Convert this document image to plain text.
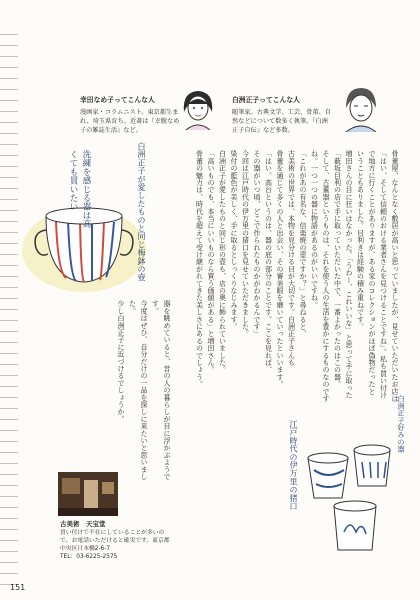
骨董屋、なんとなく敷居が高いと思っていましたが、見せていただいたお店は
「はい、そして信頼のおける業者さんを見つけることですね」。私も買い付け
で地方に行くことがありますが、ある家のコレクションがほぼ偽物だったと
いうこともありました。目利きは経験の積み重ねです。
増田さんの目に狂いはなかった。「うわー、これいいな」と思って手に取った
「薮坂目利の店で手に取っていただいた中で、一番よかったのはこの器。
そして、古董器というものは、それを使う人の生活を豊かにするものなのです
ね。一つ一つの器に物語があるのがいいですね。
「これがあの有名な、信楽焼の壺ですか？」と尋ねると、
古美術の世界では、本物を見分ける目が大切です。白洲正子さんも
骨董を通じて多くの人と出会い、その審美眼を磨いていったといいます。
「はい。高台というのは、器の底の部分のことです。ここを見れば、
その器がいつ頃、どこで作られたものかがわかるんです」
今回は江戸時代の伊万里の猪口を見せていただきました。
染付の藍色が美しく、手に取るとしっくりなじみます。
白洲正子が愛したものと同じ形の壺も、店の奥に飾られていました。
「高いものでも、本当にいいものなら買う価値がある」と増田さん。
骨董の魅力は、時代を超えて受け継がれてきた美しさにあるのでしょう。
器を眺めていると、昔の人の暮らしが目に浮かぶようです。
今度はぜひ、自分だけの一品を探しに来たいと思いました。
少し白洲正子に近づけるでしょうか。
幸田なめ子ってこんな人
漫画家・コラムニスト。東京都生まれ、埼玉県育ち。近著は『幸腹なめ子の雑誌生活』など。
白洲正子ってこんな人
随筆家。古典文学、工芸、骨董、自然などについて数多く執筆。『白洲正子自伝』など多数。
洗練を感じる器は高くても買いたい	白洲正子が愛したものと同じ梅鉢の壺
白洲正子好みの器
江戸時代の伊万里の猪口
古美術　天宝堂
買い付けで不在にしていることが多いので、お電話いただけると確実です。東京都中央区日本橋2-6-7
TEL：03-6225-2575
151
